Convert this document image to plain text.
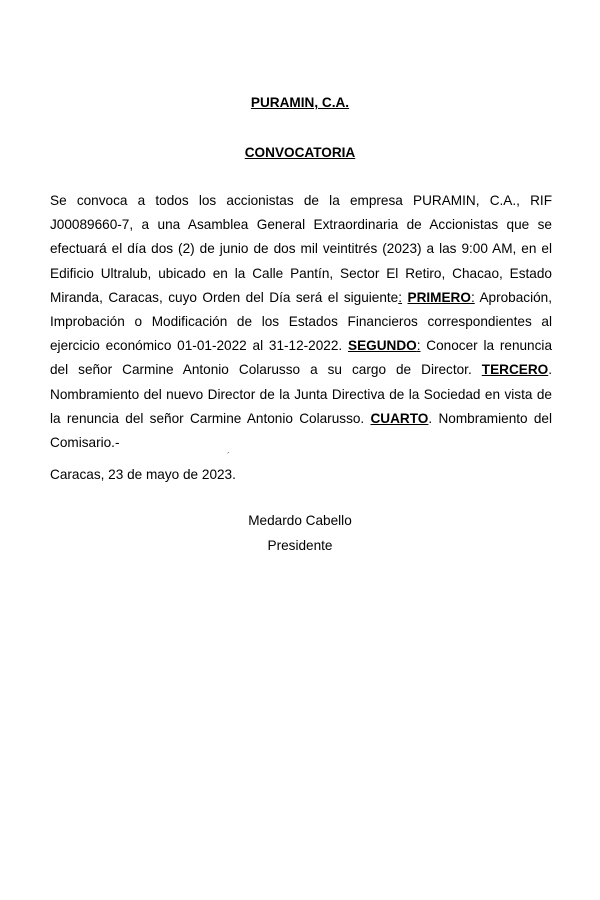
PURAMIN, C.A.
CONVOCATORIA

Se convoca a todos los accionistas de la empresa PURAMIN, C.A., RIF J00089660-7, a una Asamblea General Extraordinaria de Accionistas que se efectuará el día dos (2) de junio de dos mil veintitrés (2023) a las 9:00 AM, en el Edificio Ultralub, ubicado en la Calle Pantín, Sector El Retiro, Chacao, Estado Miranda, Caracas, cuyo Orden del Día será el siguiente: PRIMERO: Aprobación, Improbación o Modificación de los Estados Financieros correspondientes al ejercicio económico 01-01-2022 al 31-12-2022. SEGUNDO: Conocer la renuncia del señor Carmine Antonio Colarusso a su cargo de Director. TERCERO. Nombramiento del nuevo Director de la Junta Directiva de la Sociedad en vista de la renuncia del señor Carmine Antonio Colarusso. CUARTO. Nombramiento del Comisario.-

´
Caracas, 23 de mayo de 2023.
Medardo Cabello
Presidente
